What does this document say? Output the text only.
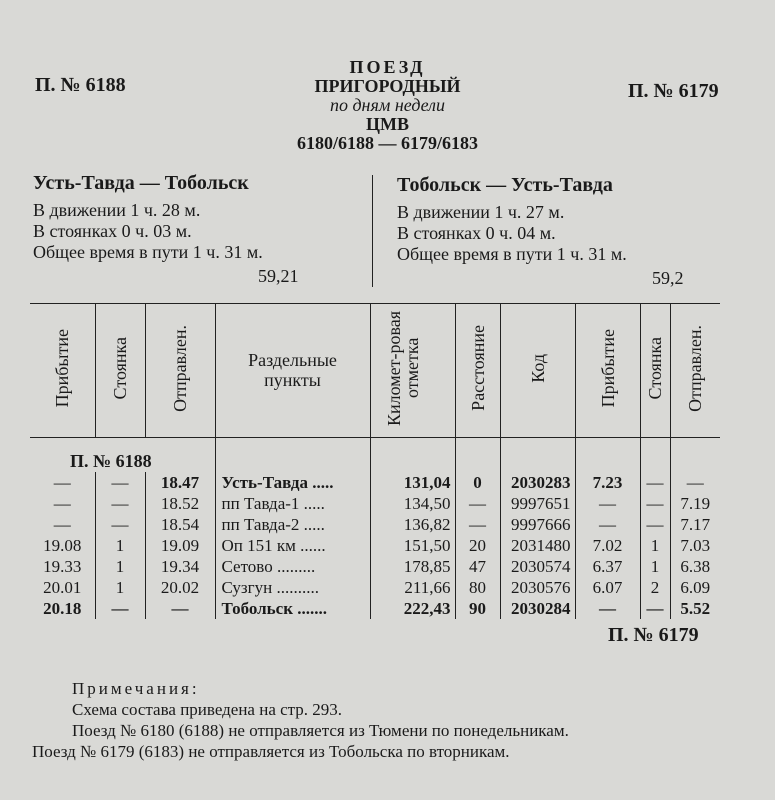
ПОЕЗД
ПРИГОРОДНЫЙ
по дням недели
ЦМВ
6180/6188 — 6179/6183
П. № 6188	П. № 6179
Усть-Тавда — Тобольск
В движении 1 ч. 28 м.
В стоянках 0 ч. 03 м.
Общее время в пути 1 ч. 31 м.
59,21
Тобольск — Усть-Тавда
В движении 1 ч. 27 м.
В стоянках 0 ч. 04 м.
Общее время в пути 1 ч. 31 м.
59,2
Прибытие	Стоянка	Отправлен.	Раздельные пункты	Километ-ровая отметка	Расстояние	Код	Прибытие	Стоянка	Отправлен.
П. № 6188									
—	—	18.47	Усть-Тавда .....	131,04	0	2030283	7.23	—	—
—	—	18.52	пп Тавда-1 .....	134,50	—	9997651	—	—	7.19
—	—	18.54	пп Тавда-2 .....	136,82	—	9997666	—	—	7.17
19.08	1	19.09	Оп 151 км ......	151,50	20	2031480	7.02	1	7.03
19.33	1	19.34	Сетово .........	178,85	47	2030574	6.37	1	6.38
20.01	1	20.02	Сузгун ..........	211,66	80	2030576	6.07	2	6.09
20.18	—	—	Тобольск .......	222,43	90	2030284	—	—	5.52
П. № 6179
Примечания:
Схема состава приведена на стр. 293.
Поезд № 6180 (6188) не отправляется из Тюмени по понедельникам.
Поезд № 6179 (6183) не отправляется из Тобольска по вторникам.
